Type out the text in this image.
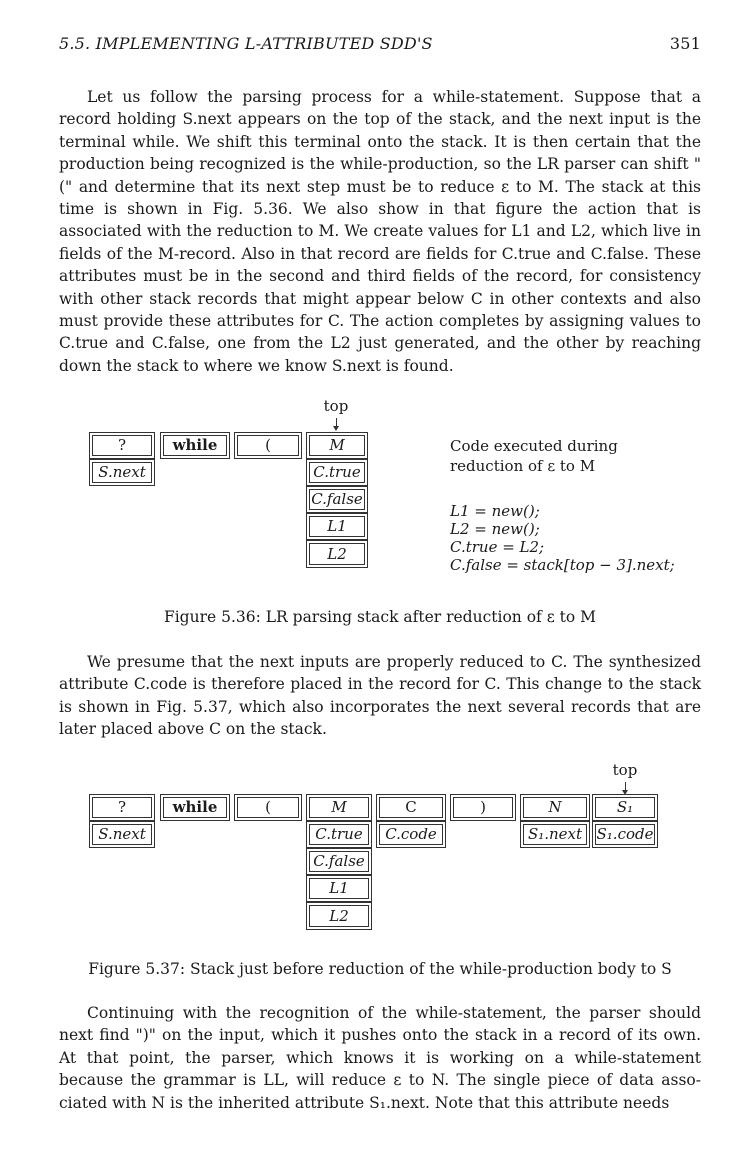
5.5. IMPLEMENTING L-ATTRIBUTED SDD'S	351

Let us follow the parsing process for a while-statement. Suppose that a record holding S.next appears on the top of the stack, and the next input is the terminal while. We shift this terminal onto the stack. It is then certain that the production being recognized is the while-production, so the LR parser can shift "(" and determine that its next step must be to reduce ε to M. The stack at this time is shown in Fig. 5.36. We also show in that figure the action that is associated with the reduction to M. We create values for L1 and L2, which live in fields of the M-record. Also in that record are fields for C.true and C.false. These attributes must be in the second and third fields of the record, for consistency with other stack records that might appear below C in other contexts and also must provide these attributes for C. The action completes by assigning values to C.true and C.false, one from the L2 just generated, and the other by reaching down the stack to where we know S.next is found.

top
?
S.next
while	(	M
C.true
C.false
L1
L2
Code executed during
reduction of ε to M
L1 = new();
L2 = new();
C.true = L2;
C.false = stack[top − 3].next;
Figure 5.36: LR parsing stack after reduction of ε to M

We presume that the next inputs are properly reduced to C. The synthesized attribute C.code is therefore placed in the record for C. This change to the stack is shown in Fig. 5.37, which also incorporates the next several records that are later placed above C on the stack.

top
?
S.next
while	(	M
C.true
C.false
L1
L2
C
C.code
)	N
S₁.next
S₁
S₁.code
Figure 5.37: Stack just before reduction of the while-production body to S

Continuing with the recognition of the while-statement, the parser should next find ")" on the input, which it pushes onto the stack in a record of its own. At that point, the parser, which knows it is working on a while-statement because the grammar is LL, will reduce ε to N. The single piece of data asso-ciated with N is the inherited attribute S₁.next. Note that this attribute needs
